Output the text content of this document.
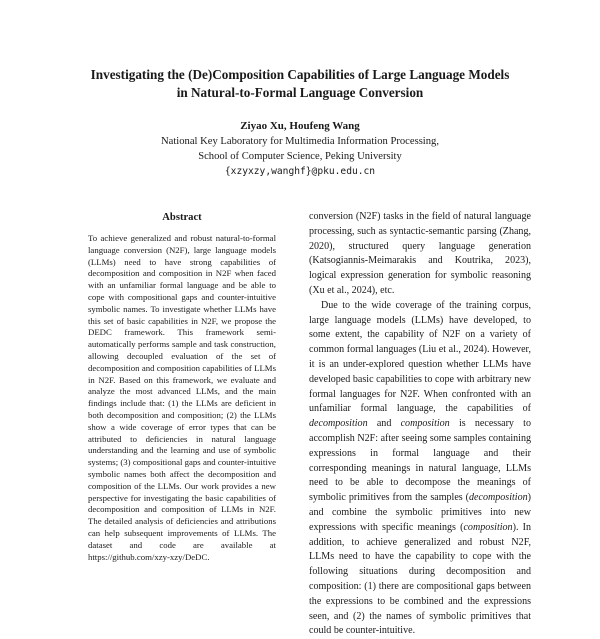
Investigating the (De)Composition Capabilities of Large Language Models
in Natural-to-Formal Language Conversion
Ziyao Xu, Houfeng Wang
National Key Laboratory for Multimedia Information Processing,
School of Computer Science, Peking University
{xzyxzy,wanghf}@pku.edu.cn
Abstract
To achieve generalized and robust natural-to-formal language conversion (N2F), large language models (LLMs) need to have strong capabilities of decomposition and composition in N2F when faced with an unfamiliar formal language and be able to cope with compositional gaps and counter-intuitive symbolic names. To investigate whether LLMs have this set of basic capabilities in N2F, we propose the DEDC framework. This framework semi-automatically performs sample and task construction, allowing decoupled evaluation of the set of decomposition and composition capabilities of LLMs in N2F. Based on this framework, we evaluate and analyze the most advanced LLMs, and the main findings include that: (1) the LLMs are deficient in both decomposition and composition; (2) the LLMs show a wide coverage of error types that can be attributed to deficiencies in natural language understanding and the learning and use of symbolic systems; (3) compositional gaps and counter-intuitive symbolic names both affect the decomposition and composition of the LLMs. Our work provides a new perspective for investigating the basic capabilities of decomposition and composition of LLMs in N2F. The detailed analysis of deficiencies and attributions can help subsequent improvements of LLMs. The dataset and code are available at https://github.com/xzy-xzy/DeDC.

conversion (N2F) tasks in the field of natural language processing, such as syntactic-semantic parsing (Zhang, 2020), structured query language generation (Katsogiannis-Meimarakis and Koutrika, 2023), logical expression generation for symbolic reasoning (Xu et al., 2024), etc.

Due to the wide coverage of the training corpus, large language models (LLMs) have developed, to some extent, the capability of N2F on a variety of common formal languages (Liu et al., 2024). However, it is an under-explored question whether LLMs have developed basic capabilities to cope with arbitrary new formal languages for N2F. When confronted with an unfamiliar formal language, the capabilities of decomposition and composition is necessary to accomplish N2F: after seeing some samples containing expressions in formal language and their corresponding meanings in natural language, LLMs need to be able to decompose the meanings of symbolic primitives from the samples (decomposition) and combine the symbolic primitives into new expressions with specific meanings (composition). In addition, to achieve generalized and robust N2F, LLMs need to have the capability to cope with the following situations during decomposition and composition: (1) there are compositional gaps between the expressions to be combined and the expressions seen, and (2) the names of symbolic primitives that could be counter-intuitive.
